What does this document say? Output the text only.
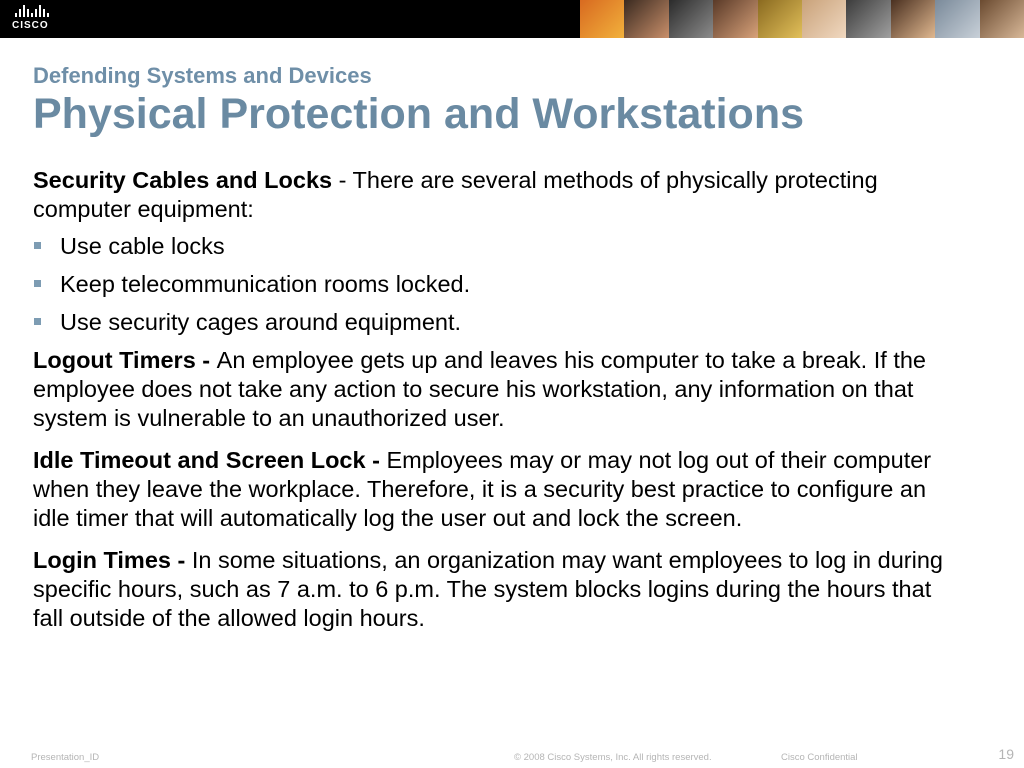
CISCO
Defending Systems and Devices
Physical Protection and Workstations

Security Cables and Locks - There are several methods of physically protecting computer equipment:

Use cable locks
Keep telecommunication rooms locked.
Use security cages around equipment.

Logout Timers - An employee gets up and leaves his computer to take a break. If the employee does not take any action to secure his workstation, any information on that system is vulnerable to an unauthorized user.

Idle Timeout and Screen Lock - Employees may or may not log out of their computer when they leave the workplace. Therefore, it is a security best practice to configure an idle timer that will automatically log the user out and lock the screen.

Login Times - In some situations, an organization may want employees to log in during specific hours, such as 7 a.m. to 6 p.m. The system blocks logins during the hours that fall outside of the allowed login hours.

Presentation_ID	© 2008 Cisco Systems, Inc. All rights reserved.	Cisco Confidential	19
